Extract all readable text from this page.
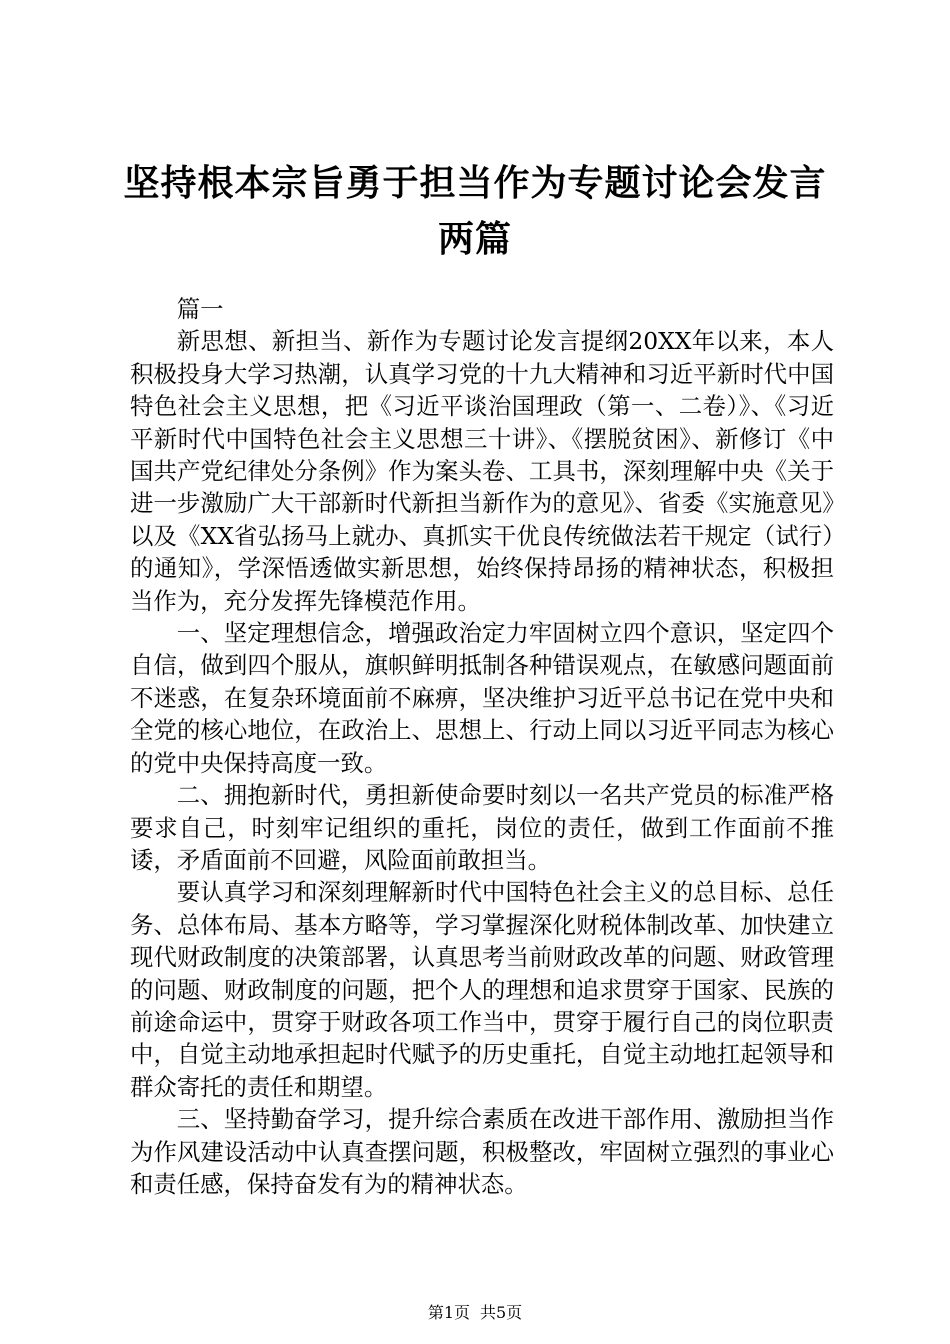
坚持根本宗旨勇于担当作为专题讨论会发言两篇

篇一

新思想、新担当、新作为专题讨论发言提纲20XX年以来，本人积极投身大学习热潮，认真学习党的十九大精神和习近平新时代中国特色社会主义思想，把《习近平谈治国理政（第一、二卷）》、《习近平新时代中国特色社会主义思想三十讲》、《摆脱贫困》、新修订《中国共产党纪律处分条例》作为案头卷、工具书，深刻理解中央《关于进一步激励广大干部新时代新担当新作为的意见》、省委《实施意见》以及《XX省弘扬马上就办、真抓实干优良传统做法若干规定（试行）的通知》，学深悟透做实新思想，始终保持昂扬的精神状态，积极担当作为，充分发挥先锋模范作用。

一、坚定理想信念，增强政治定力牢固树立四个意识，坚定四个自信，做到四个服从，旗帜鲜明抵制各种错误观点，在敏感问题面前不迷惑，在复杂环境面前不麻痹，坚决维护习近平总书记在党中央和全党的核心地位，在政治上、思想上、行动上同以习近平同志为核心的党中央保持高度一致。

二、拥抱新时代，勇担新使命要时刻以一名共产党员的标准严格要求自己，时刻牢记组织的重托，岗位的责任，做到工作面前不推诿，矛盾面前不回避，风险面前敢担当。

要认真学习和深刻理解新时代中国特色社会主义的总目标、总任务、总体布局、基本方略等，学习掌握深化财税体制改革、加快建立现代财政制度的决策部署，认真思考当前财政改革的问题、财政管理的问题、财政制度的问题，把个人的理想和追求贯穿于国家、民族的前途命运中，贯穿于财政各项工作当中，贯穿于履行自己的岗位职责中，自觉主动地承担起时代赋予的历史重托，自觉主动地扛起领导和群众寄托的责任和期望。

三、坚持勤奋学习，提升综合素质在改进干部作用、激励担当作为作风建设活动中认真查摆问题，积极整改，牢固树立强烈的事业心和责任感，保持奋发有为的精神状态。

第1页 共5页
